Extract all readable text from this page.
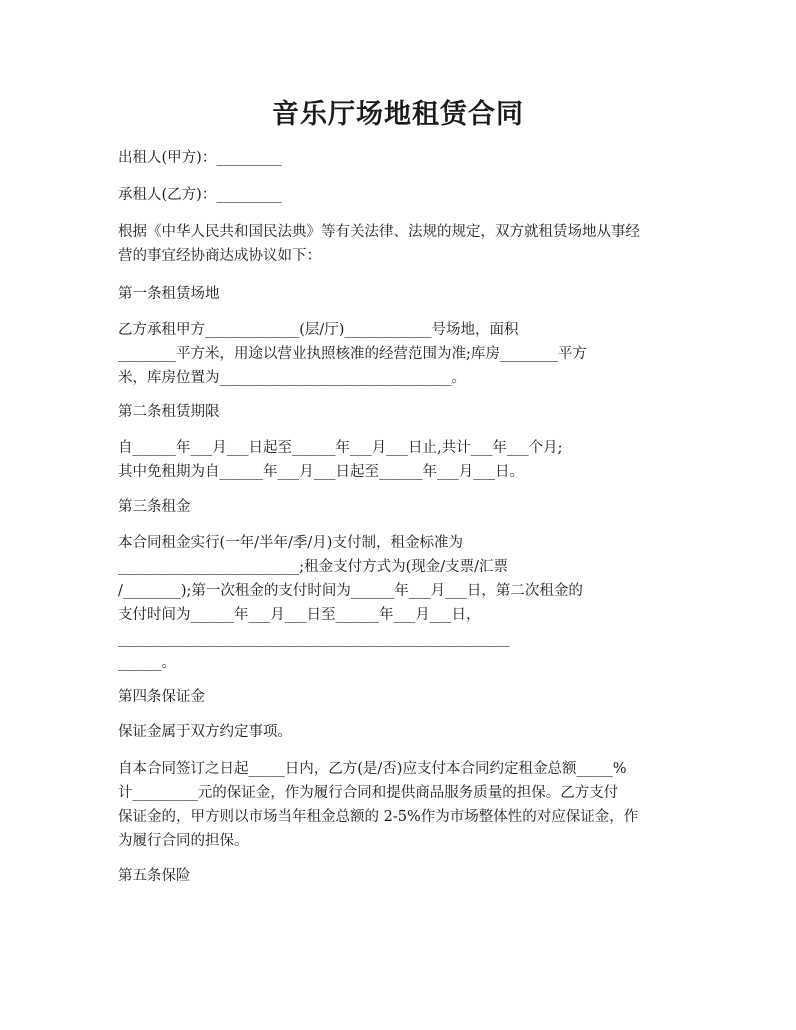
音乐厅场地租赁合同

出租人(甲方)：_________

承租人(乙方)：_________

根据《中华人民共和国民法典》等有关法律、法规的规定，双方就租赁场地从事经

营的事宜经协商达成协议如下：

第一条租赁场地

乙方承租甲方_____________(层/厅)____________号场地，面积

________平方米，用途以营业执照核准的经营范围为准;库房________平方

米，库房位置为________________________________。

第二条租赁期限

自______年___月___日起至______年___月___日止,共计___年___个月;

其中免租期为自______年___月___日起至______年___月___日。

第三条租金

本合同租金实行(一年/半年/季/月)支付制，租金标准为

_________________________;租金支付方式为(现金/支票/汇票

/________);第一次租金的支付时间为______年___月___日，第二次租金的

支付时间为______年___月___日至______年___月___日，

______________________________________________________

______。

第四条保证金

保证金属于双方约定事项。

自本合同签订之日起_____日内，乙方(是/否)应支付本合同约定租金总额_____%

计_________元的保证金，作为履行合同和提供商品服务质量的担保。乙方支付

保证金的，甲方则以市场当年租金总额的 2-5%作为市场整体性的对应保证金，作

为履行合同的担保。

第五条保险
